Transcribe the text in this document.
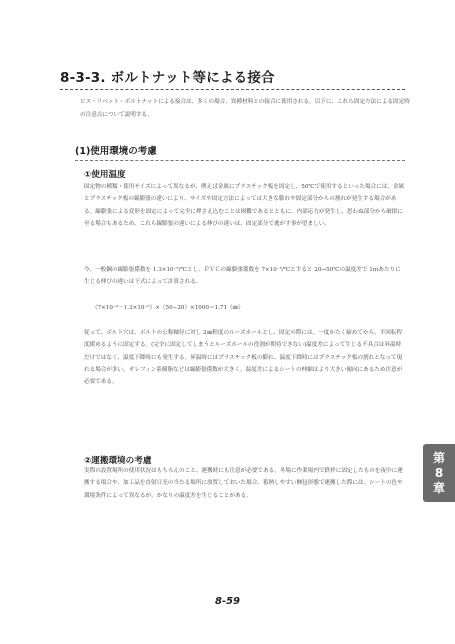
8-3-3. ボルトナット等による接合
ビス・リベット・ボルトナットによる接合は、多くの場合、異種材料との接合に使用される。以下に、これら固定方法による固定時の注意点について説明する。
(1)使用環境の考慮
①使用温度
固定物の種類・使用サイズによって異なるが、例えば金属にプラスチック板を固定し、50℃で使用するといった場合には、金属とプラスチック板の線膨張の違いにより、サイズや固定方法によっては大きな膨れや固定部分からの割れが発生する場合がある。線膨張による変形を固定によって完全に押さえ込むことは困難であるとともに、内部応力が発生し、思わぬ部分から破損に至る場合もあるため、これら線膨張の違いによる伸びの違いは、固定部分で逃がす事が望ましい。
今、一般鋼の線膨張係数を 1.3×10⁻⁵/℃とし、ＰＶＣの線膨張係数を 7×10⁻⁵/℃とすると 20→50℃の温度差で 1ｍあたりに生じる伸びの違いは下式によって計算される。
（7×10⁻⁵－1.3×10⁻⁵）×（50−20）×1000＝1.71（㎜）
従って、ボルト穴は、ボルトの公称軸径に対し 2㎜程度のルーズホールとし、固定の際には、一度かたく締めてから、半回転程度緩めるように固定する。(完全に固定してしまうとルーズホールの役割が期待できない)温度差によって生じる不具合は昇温時だけではなく、温度下降時にも発生する。昇温時にはプラスチック板の膨れ、温度下降時にはプラスチック板の割れとなって現れる場合が多い。オレフィン系樹脂などは線膨張係数が大きく、温度差によるシートの伸縮はより大きい傾向にあるため注意が必要である。
②運搬環境の考慮
実際の設置場所の使用状況はもちろんのこと、運搬時にも注意が必要である。冬場に作業場内で鉄枠に固定したものを夜中に運搬する場合や、加工品を直射日光の当たる場所に放置しておいた場合、蓄熱しやすい梱包形態で運搬した際には、シートの色や環境条件によって異なるが、かなりの温度差を生じることがある。
第
8
章
8-59
